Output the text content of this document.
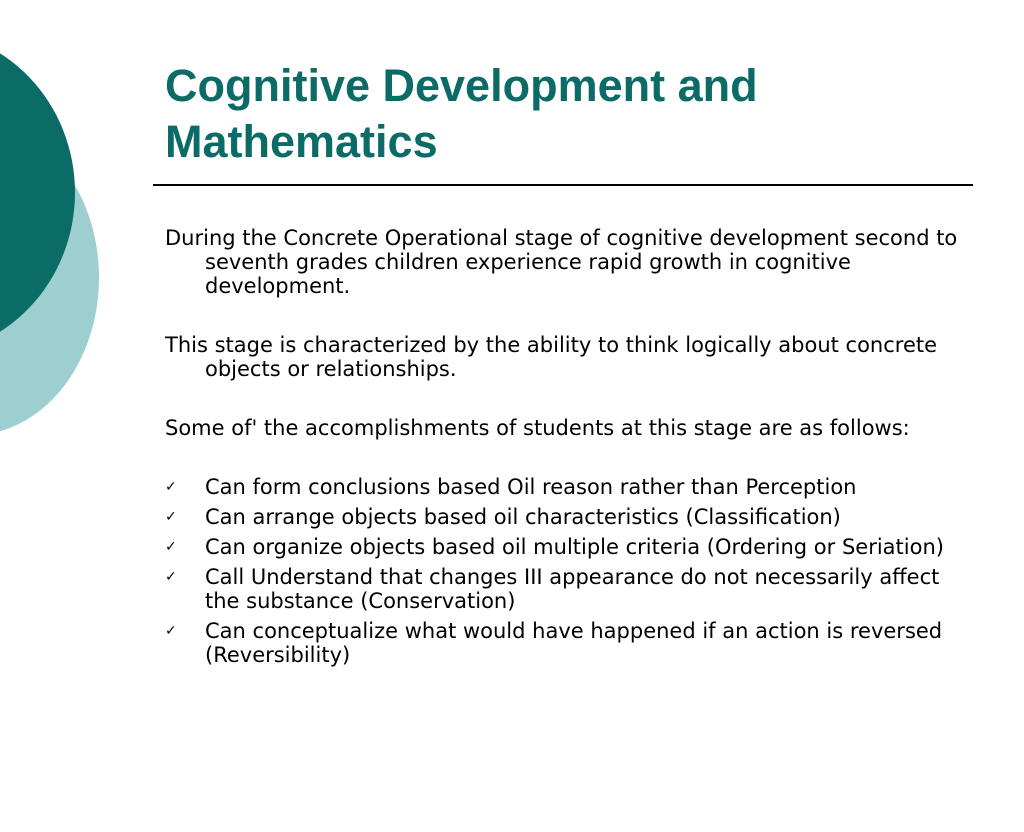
Cognitive Development and
Mathematics

During the Concrete Operational stage of cognitive development second to seventh grades children experience rapid growth in cognitive development.

This stage is characterized by the ability to think logically about concrete objects or relationships.

Some of' the accomplishments of students at this stage are as follows:

✓ Can form conclusions based Oil reason rather than Perception
✓ Can arrange objects based oil characteristics (Classification)
✓ Can organize objects based oil multiple criteria (Ordering or Seriation)
✓ Call Understand that changes III appearance do not necessarily affect the substance (Conservation)
✓ Can conceptualize what would have happened if an action is reversed (Reversibility)
